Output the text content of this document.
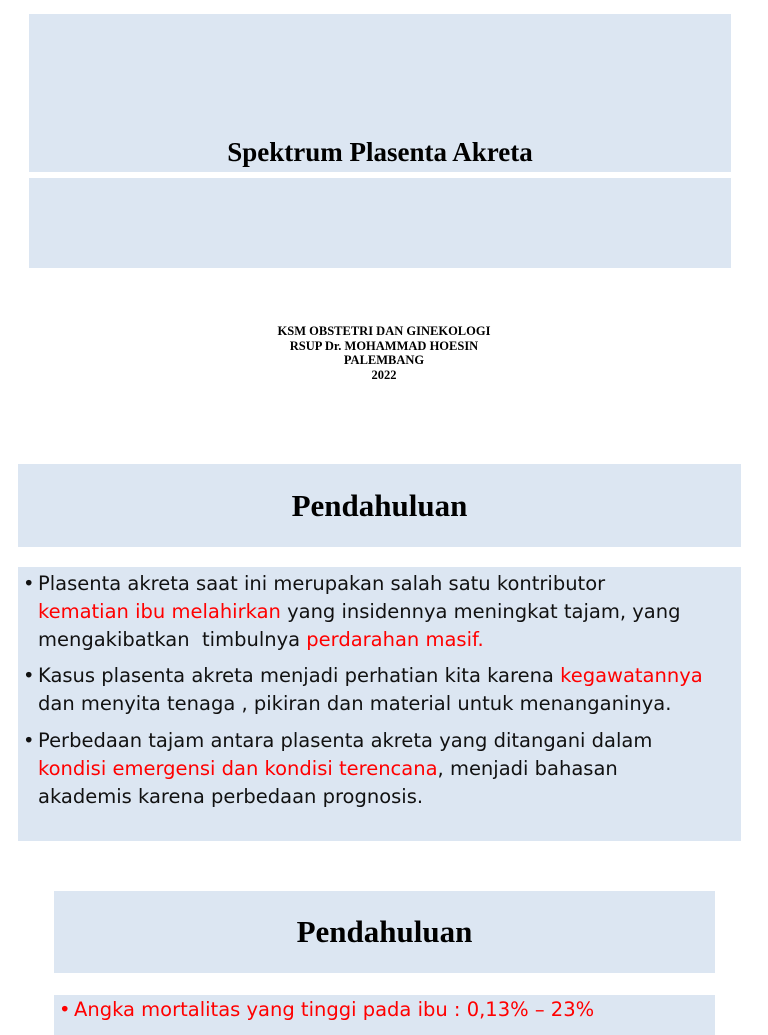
Spektrum Plasenta Akreta
KSM OBSTETRI DAN GINEKOLOGI
RSUP Dr. MOHAMMAD HOESIN
PALEMBANG
2022
Pendahuluan
• Plasenta akreta saat ini merupakan salah satu kontributor
kematian ibu melahirkan yang insidennya meningkat tajam, yang
mengakibatkan  timbulnya perdarahan masif.
• Kasus plasenta akreta menjadi perhatian kita karena kegawatannya
dan menyita tenaga , pikiran dan material untuk menanganinya.
• Perbedaan tajam antara plasenta akreta yang ditangani dalam
kondisi emergensi dan kondisi terencana, menjadi bahasan
akademis karena perbedaan prognosis.
Pendahuluan
• Angka mortalitas yang tinggi pada ibu : 0,13% – 23%
